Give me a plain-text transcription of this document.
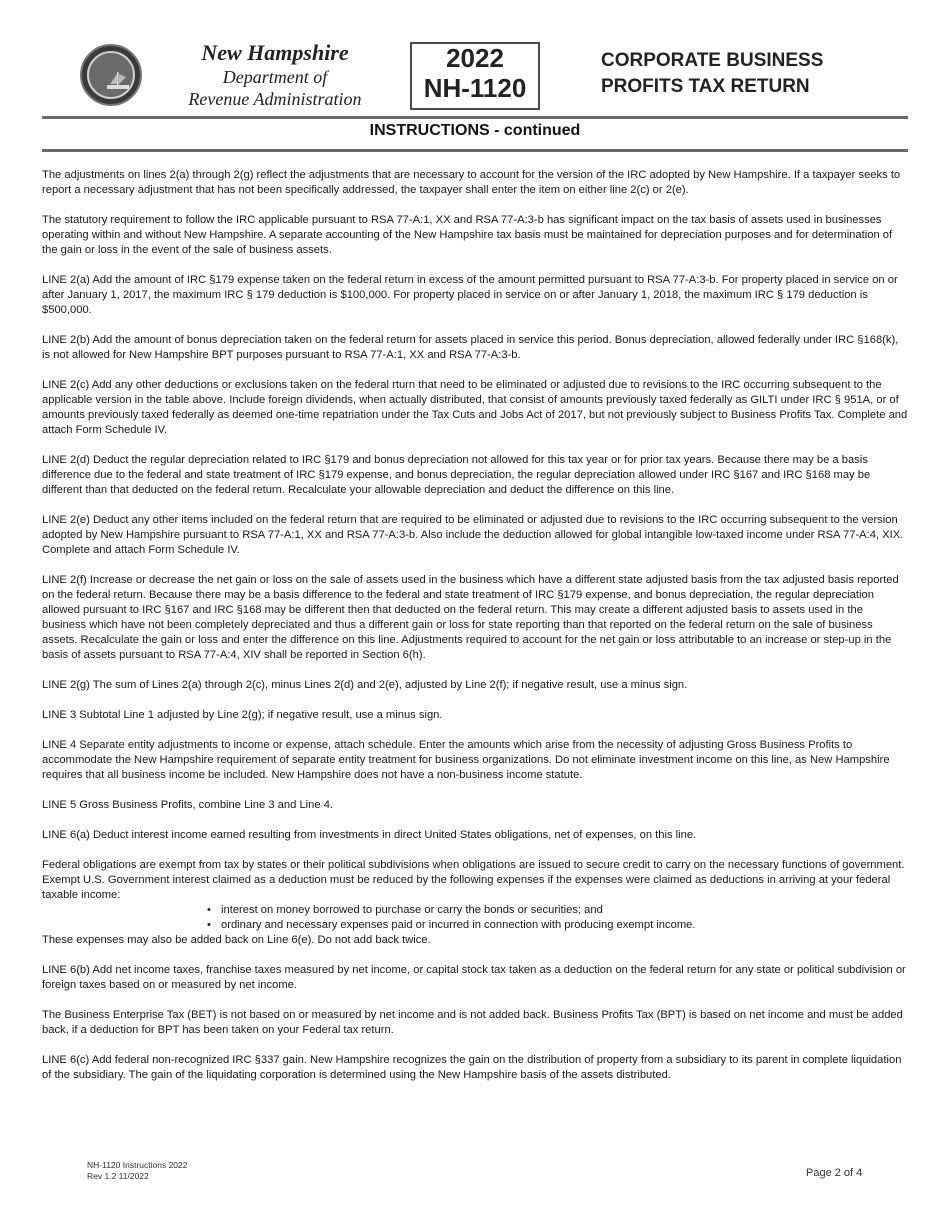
New Hampshire
Department of
Revenue Administration
2022
NH-1120
CORPORATE BUSINESS
PROFITS TAX RETURN
INSTRUCTIONS - continued

The adjustments on lines 2(a) through 2(g) reflect the adjustments that are necessary to account for the version of the IRC adopted by New Hampshire. If a taxpayer seeks to report a necessary adjustment that has not been specifically addressed, the taxpayer shall enter the item on either line 2(c) or 2(e).

The statutory requirement to follow the IRC applicable pursuant to RSA 77-A:1, XX and RSA 77-A:3-b has significant impact on the tax basis of assets used in businesses operating within and without New Hampshire. A separate accounting of the New Hampshire tax basis must be maintained for depreciation purposes and for determination of the gain or loss in the event of the sale of business assets.

LINE 2(a) Add the amount of IRC §179 expense taken on the federal return in excess of the amount permitted pursuant to RSA 77-A:3-b. For property placed in service on or after January 1, 2017, the maximum IRC § 179 deduction is $100,000. For property placed in service on or after January 1, 2018, the maximum IRC § 179 deduction is $500,000.

LINE 2(b) Add the amount of bonus depreciation taken on the federal return for assets placed in service this period. Bonus depreciation, allowed federally under IRC §168(k), is not allowed for New Hampshire BPT purposes pursuant to RSA 77-A:1, XX and RSA 77-A:3-b.

LINE 2(c) Add any other deductions or exclusions taken on the federal rturn that need to be eliminated or adjusted due to revisions to the IRC occurring subsequent to the applicable version in the table above. Include foreign dividends, when actually distributed, that consist of amounts previously taxed federally as GILTI under IRC § 951A, or of amounts previously taxed federally as deemed one-time repatriation under the Tax Cuts and Jobs Act of 2017, but not previously subject to Business Profits Tax. Complete and attach Form Schedule IV.

LINE 2(d) Deduct the regular depreciation related to IRC §179 and bonus depreciation not allowed for this tax year or for prior tax years. Because there may be a basis difference due to the federal and state treatment of IRC §179 expense, and bonus depreciation, the regular depreciation allowed under IRC §167 and IRC §168 may be different than that deducted on the federal return. Recalculate your allowable depreciation and deduct the difference on this line.

LINE 2(e) Deduct any other items included on the federal return that are required to be eliminated or adjusted due to revisions to the IRC occurring subsequent to the version adopted by New Hampshire pursuant to RSA 77-A:1, XX and RSA 77-A:3-b. Also include the deduction allowed for global intangible low-taxed income under RSA 77-A:4, XIX. Complete and attach Form Schedule IV.

LINE 2(f) Increase or decrease the net gain or loss on the sale of assets used in the business which have a different state adjusted basis from the tax adjusted basis reported on the federal return. Because there may be a basis difference to the federal and state treatment of IRC §179 expense, and bonus depreciation, the regular depreciation allowed pursuant to IRC §167 and IRC §168 may be different then that deducted on the federal return. This may create a different adjusted basis to assets used in the business which have not been completely depreciated and thus a different gain or loss for state reporting than that reported on the federal return on the sale of business assets. Recalculate the gain or loss and enter the difference on this line. Adjustments required to account for the net gain or loss attributable to an increase or step-up in the basis of assets pursuant to RSA 77-A:4, XIV shall be reported in Section 6(h).

LINE 2(g) The sum of Lines 2(a) through 2(c), minus Lines 2(d) and 2(e), adjusted by Line 2(f); if negative result, use a minus sign.

LINE 3 Subtotal Line 1 adjusted by Line 2(g); if negative result, use a minus sign.

LINE 4 Separate entity adjustments to income or expense, attach schedule. Enter the amounts which arise from the necessity of adjusting Gross Business Profits to accommodate the New Hampshire requirement of separate entity treatment for business organizations. Do not eliminate investment income on this line, as New Hampshire requires that all business income be included. New Hampshire does not have a non-business income statute.

LINE 5 Gross Business Profits, combine Line 3 and Line 4.

LINE 6(a) Deduct interest income earned resulting from investments in direct United States obligations, net of expenses, on this line.

Federal obligations are exempt from tax by states or their political subdivisions when obligations are issued to secure credit to carry on the necessary functions of government. Exempt U.S. Government interest claimed as a deduction must be reduced by the following expenses if the expenses were claimed as deductions in arriving at your federal taxable income:

• interest on money borrowed to purchase or carry the bonds or securities; and
• ordinary and necessary expenses paid or incurred in connection with producing exempt income.

These expenses may also be added back on Line 6(e). Do not add back twice.

LINE 6(b) Add net income taxes, franchise taxes measured by net income, or capital stock tax taken as a deduction on the federal return for any state or political subdivision or foreign taxes based on or measured by net income.

The Business Enterprise Tax (BET) is not based on or measured by net income and is not added back. Business Profits Tax (BPT) is based on net income and must be added back, if a deduction for BPT has been taken on your Federal tax return.

LINE 6(c) Add federal non-recognized IRC §337 gain. New Hampshire recognizes the gain on the distribution of property from a subsidiary to its parent in complete liquidation of the subsidiary. The gain of the liquidating corporation is determined using the New Hampshire basis of the assets distributed.

NH-1120 Instructions 2022
Rev 1.2 11/2022	Page 2 of 4
